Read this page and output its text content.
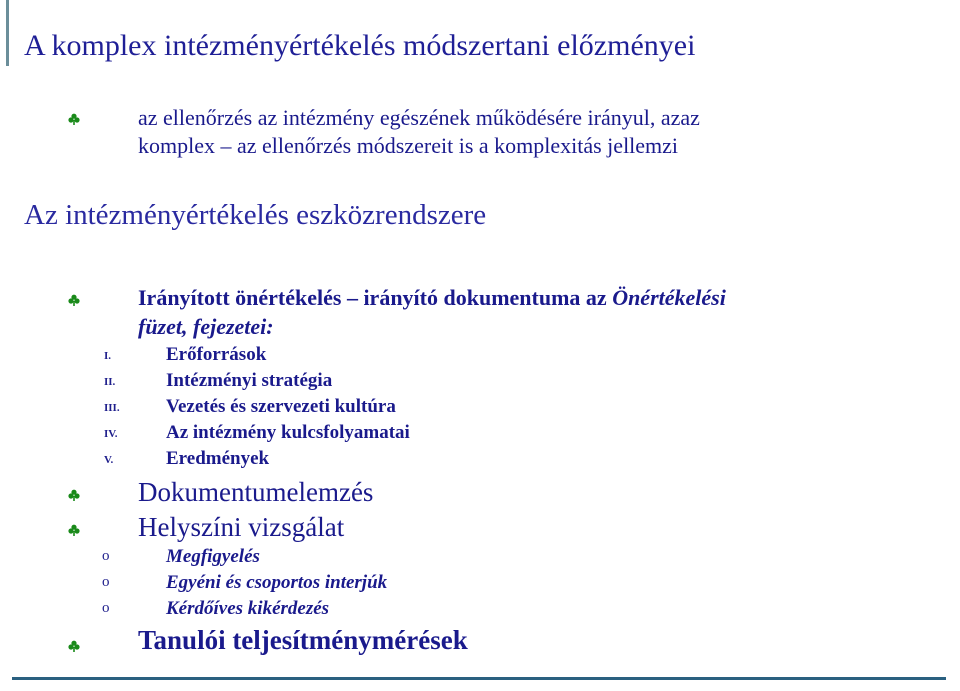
A komplex intézményértékelés módszertani előzményei
az ellenőrzés az intézmény egészének működésére irányul, azaz
komplex – az ellenőrzés módszereit is a komplexitás jellemzi
Az intézményértékelés eszközrendszere
Irányított önértékelés – irányító dokumentuma az Önértékelési
füzet, fejezetei:
I.	Erőforrások
II.	Intézményi stratégia
III.	Vezetés és szervezeti kultúra
IV.	Az intézmény kulcsfolyamatai
V.	Eredmények
Dokumentumelemzés
Helyszíni vizsgálat
o	Megfigyelés
o	Egyéni és csoportos interjúk
o	Kérdőíves kikérdezés
Tanulói teljesítménymérések
